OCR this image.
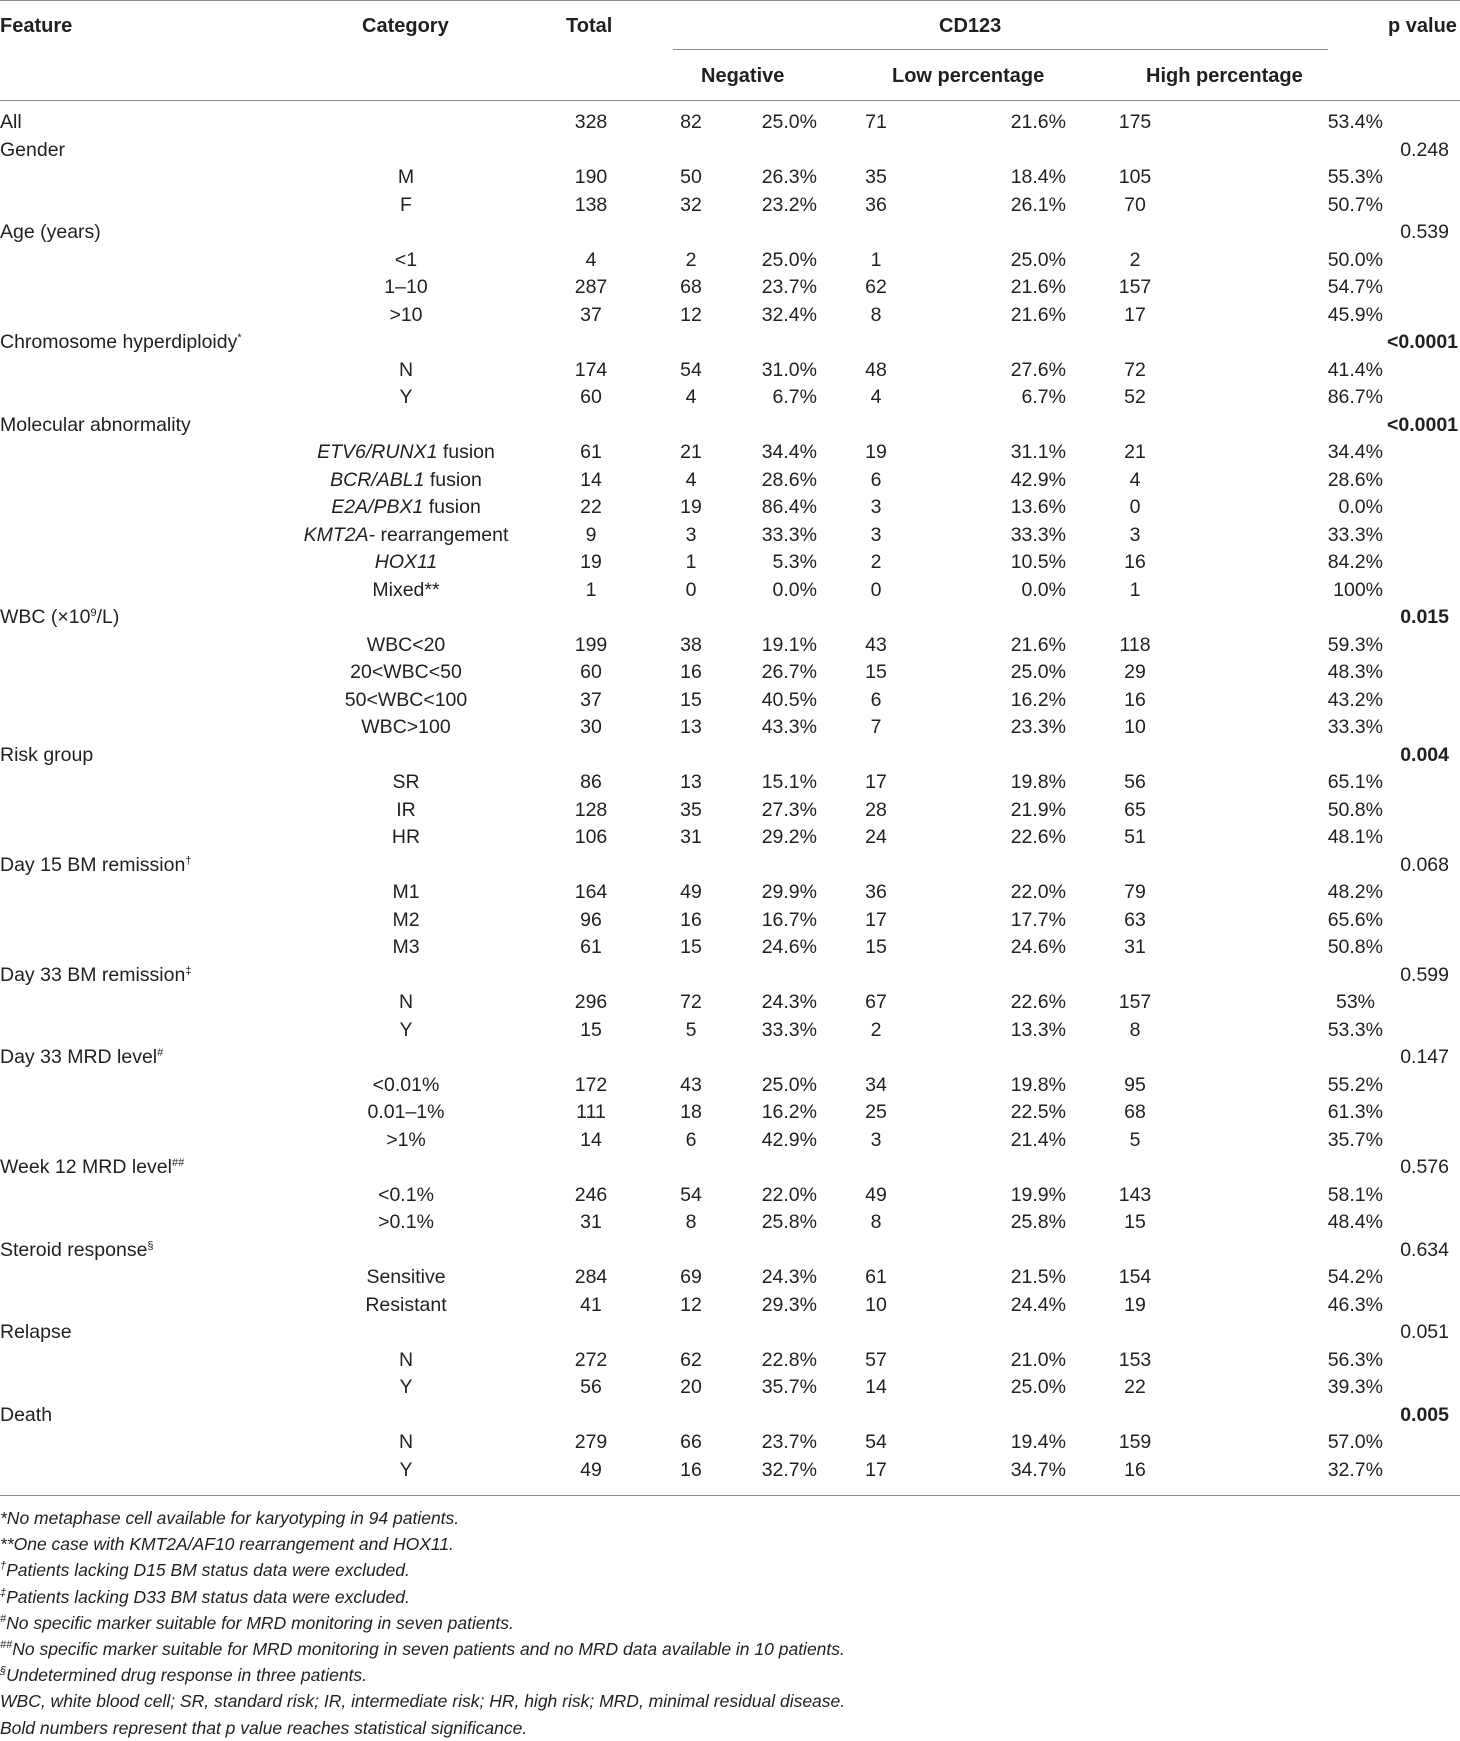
Feature	Category	Total	CD123	p value
Negative	Low percentage	High percentage
All		328	82	25.0%	71	21.6%	175	53.4%	
Gender									0.248
	M	190	50	26.3%	35	18.4%	105	55.3%	
	F	138	32	23.2%	36	26.1%	70	50.7%	
Age (years)									0.539
	<1	4	2	25.0%	1	25.0%	2	50.0%	
	1–10	287	68	23.7%	62	21.6%	157	54.7%	
	>10	37	12	32.4%	8	21.6%	17	45.9%	
Chromosome hyperdiploidy*									<0.0001
	N	174	54	31.0%	48	27.6%	72	41.4%	
	Y	60	4	6.7%	4	6.7%	52	86.7%	
Molecular abnormality									<0.0001
	ETV6/RUNX1 fusion	61	21	34.4%	19	31.1%	21	34.4%	
	BCR/ABL1 fusion	14	4	28.6%	6	42.9%	4	28.6%	
	E2A/PBX1 fusion	22	19	86.4%	3	13.6%	0	0.0%	
	KMT2A- rearrangement	9	3	33.3%	3	33.3%	3	33.3%	
	HOX11	19	1	5.3%	2	10.5%	16	84.2%	
	Mixed**	1	0	0.0%	0	0.0%	1	100%	
WBC $(\times 10^9/L)$									0.015
	WBC<20	199	38	19.1%	43	21.6%	118	59.3%	
	20<WBC<50	60	16	26.7%	15	25.0%	29	48.3%	
	50<WBC<100	37	15	40.5%	6	16.2%	16	43.2%	
	WBC>100	30	13	43.3%	7	23.3%	10	33.3%	
Risk group									0.004
	SR	86	13	15.1%	17	19.8%	56	65.1%	
	IR	128	35	27.3%	28	21.9%	65	50.8%	
	HR	106	31	29.2%	24	22.6%	51	48.1%	
Day 15 BM remission†									0.068
	M1	164	49	29.9%	36	22.0%	79	48.2%	
	M2	96	16	16.7%	17	17.7%	63	65.6%	
	M3	61	15	24.6%	15	24.6%	31	50.8%	
Day 33 BM remission‡									0.599
	N	296	72	24.3%	67	22.6%	157	53%	
	Y	15	5	33.3%	2	13.3%	8	53.3%	
Day 33 MRD level#									0.147
	<0.01%	172	43	25.0%	34	19.8%	95	55.2%	
	0.01–1%	111	18	16.2%	25	22.5%	68	61.3%	
	>1%	14	6	42.9%	3	21.4%	5	35.7%	
Week 12 MRD level##									0.576
	<0.1%	246	54	22.0%	49	19.9%	143	58.1%	
	>0.1%	31	8	25.8%	8	25.8%	15	48.4%	
Steroid response§									0.634
	Sensitive	284	69	24.3%	61	21.5%	154	54.2%	
	Resistant	41	12	29.3%	10	24.4%	19	46.3%	
Relapse									0.051
	N	272	62	22.8%	57	21.0%	153	56.3%	
	Y	56	20	35.7%	14	25.0%	22	39.3%	
Death									0.005
	N	279	66	23.7%	54	19.4%	159	57.0%	
	Y	49	16	32.7%	17	34.7%	16	32.7%	
*No metaphase cell available for karyotyping in 94 patients.
**One case with KMT2A/AF10 rearrangement and HOX11.
†Patients lacking D15 BM status data were excluded.
‡Patients lacking D33 BM status data were excluded.
#No specific marker suitable for MRD monitoring in seven patients.
##No specific marker suitable for MRD monitoring in seven patients and no MRD data available in 10 patients.
§Undetermined drug response in three patients.
WBC, white blood cell; SR, standard risk; IR, intermediate risk; HR, high risk; MRD, minimal residual disease.
Bold numbers represent that p value reaches statistical significance.
